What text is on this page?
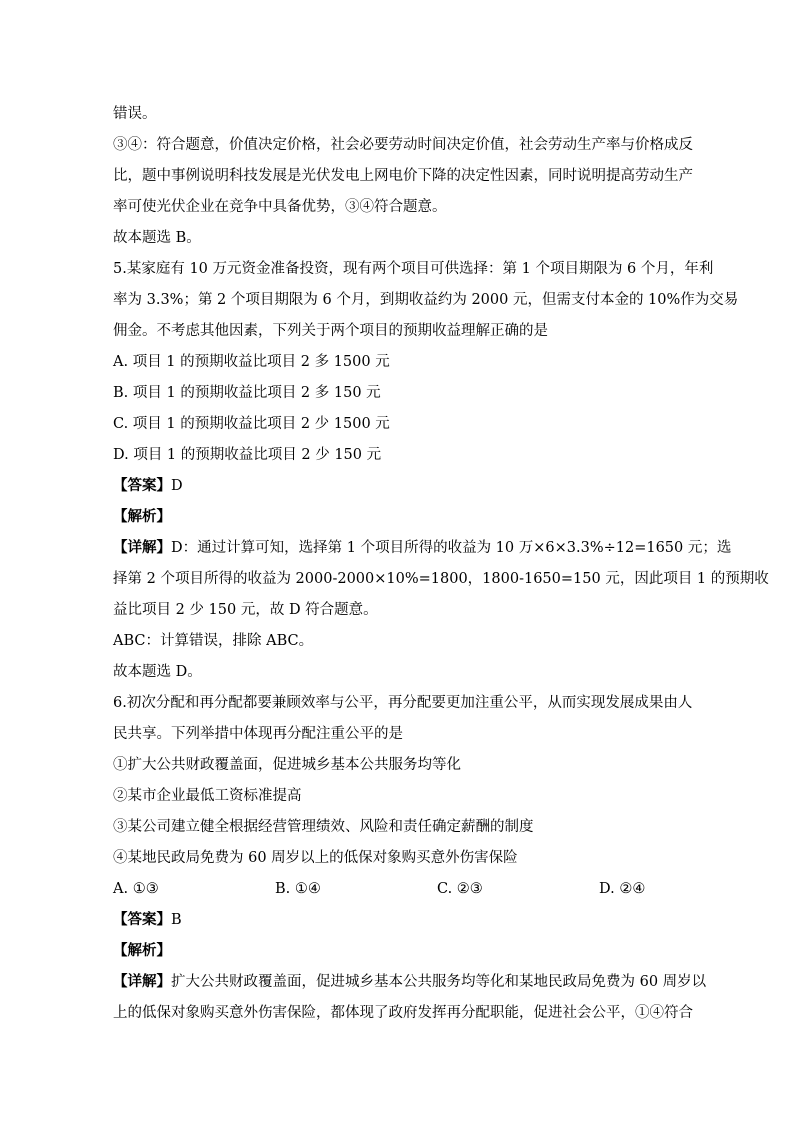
错误。
③④：符合题意，价值决定价格，社会必要劳动时间决定价值，社会劳动生产率与价格成反
比，题中事例说明科技发展是光伏发电上网电价下降的决定性因素，同时说明提高劳动生产
率可使光伏企业在竞争中具备优势，③④符合题意。
故本题选 B。
5.某家庭有 10 万元资金准备投资，现有两个项目可供选择：第 1 个项目期限为 6 个月，年利
率为 3.3%；第 2 个项目期限为 6 个月，到期收益约为 2000 元，但需支付本金的 10%作为交易
佣金。不考虑其他因素，下列关于两个项目的预期收益理解正确的是
A. 项目 1 的预期收益比项目 2 多 1500 元
B. 项目 1 的预期收益比项目 2 多 150 元
C. 项目 1 的预期收益比项目 2 少 1500 元
D. 项目 1 的预期收益比项目 2 少 150 元
【答案】D
【解析】
【详解】D：通过计算可知，选择第 1 个项目所得的收益为 10 万×6×3.3%÷12=1650 元；选
择第 2 个项目所得的收益为 2000-2000×10%=1800，1800-1650=150 元，因此项目 1 的预期收
益比项目 2 少 150 元，故 D 符合题意。
ABC：计算错误，排除 ABC。
故本题选 D。
6.初次分配和再分配都要兼顾效率与公平，再分配要更加注重公平，从而实现发展成果由人
民共享。下列举措中体现再分配注重公平的是
①扩大公共财政覆盖面，促进城乡基本公共服务均等化
②某市企业最低工资标准提高
③某公司建立健全根据经营管理绩效、风险和责任确定薪酬的制度
④某地民政局免费为 60 周岁以上的低保对象购买意外伤害保险
A. ①③	B. ①④	C. ②③	D. ②④
【答案】B
【解析】
【详解】扩大公共财政覆盖面，促进城乡基本公共服务均等化和某地民政局免费为 60 周岁以
上的低保对象购买意外伤害保险，都体现了政府发挥再分配职能，促进社会公平，①④符合
